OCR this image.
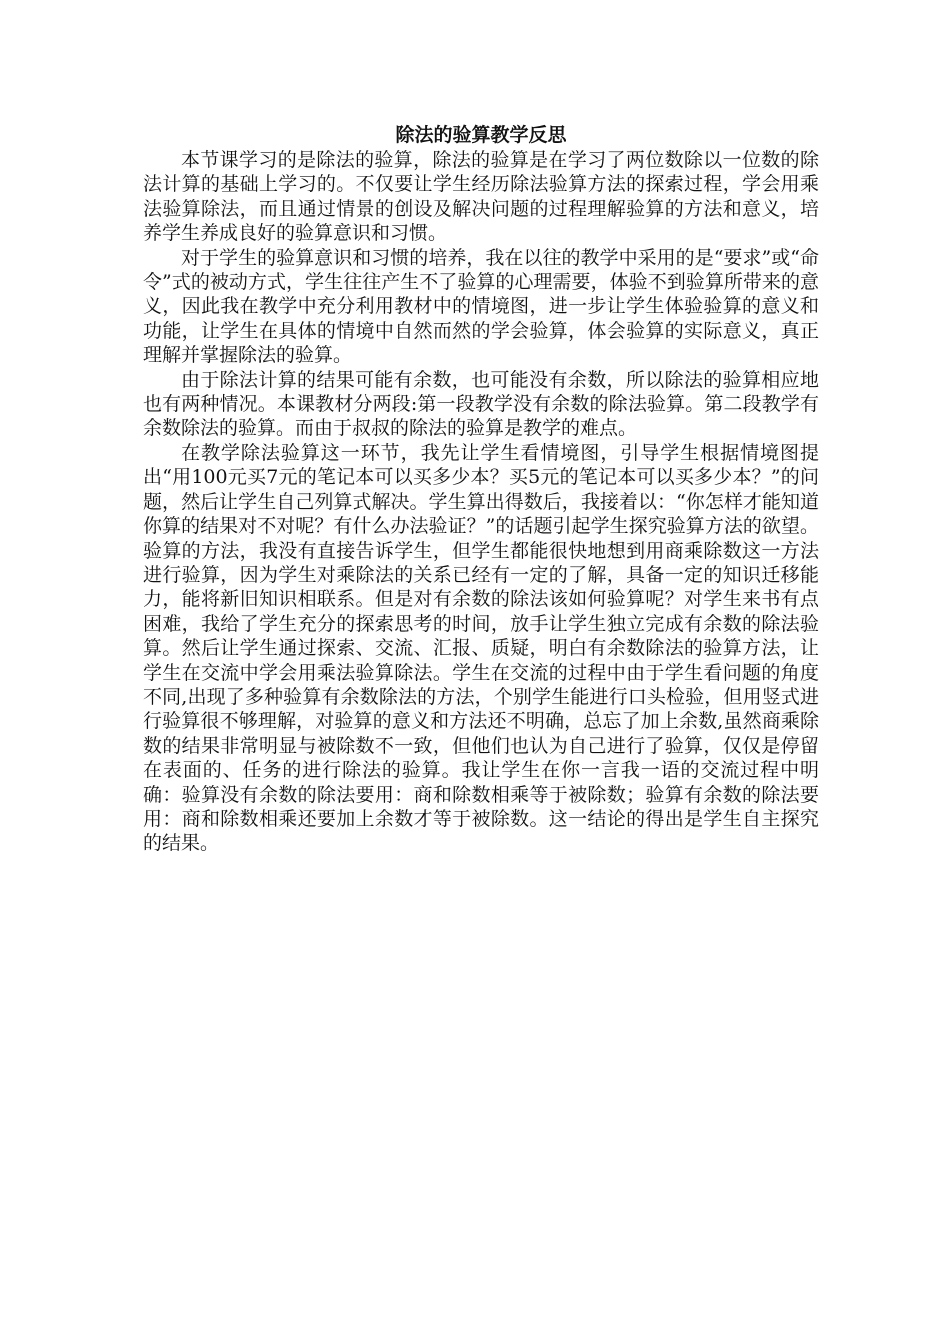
除法的验算教学反思

本节课学习的是除法的验算，除法的验算是在学习了两位数除以一位数的除法计算的基础上学习的。不仅要让学生经历除法验算方法的探索过程，学会用乘法验算除法，而且通过情景的创设及解决问题的过程理解验算的方法和意义，培养学生养成良好的验算意识和习惯。

对于学生的验算意识和习惯的培养，我在以往的教学中采用的是“要求”或“命令”式的被动方式，学生往往产生不了验算的心理需要，体验不到验算所带来的意义，因此我在教学中充分利用教材中的情境图，进一步让学生体验验算的意义和功能，让学生在具体的情境中自然而然的学会验算，体会验算的实际意义，真正理解并掌握除法的验算。

由于除法计算的结果可能有余数，也可能没有余数，所以除法的验算相应地也有两种情况。本课教材分两段:第一段教学没有余数的除法验算。第二段教学有余数除法的验算。而由于叔叔的除法的验算是教学的难点。

在教学除法验算这一环节，我先让学生看情境图，引导学生根据情境图提出“用100元买7元的笔记本可以买多少本？买5元的笔记本可以买多少本？”的问题，然后让学生自己列算式解决。学生算出得数后，我接着以：“你怎样才能知道你算的结果对不对呢？有什么办法验证？”的话题引起学生探究验算方法的欲望。验算的方法，我没有直接告诉学生，但学生都能很快地想到用商乘除数这一方法进行验算，因为学生对乘除法的关系已经有一定的了解，具备一定的知识迁移能力，能将新旧知识相联系。但是对有余数的除法该如何验算呢？对学生来书有点困难，我给了学生充分的探索思考的时间，放手让学生独立完成有余数的除法验算。然后让学生通过探索、交流、汇报、质疑，明白有余数除法的验算方法，让学生在交流中学会用乘法验算除法。学生在交流的过程中由于学生看问题的角度不同,出现了多种验算有余数除法的方法，个别学生能进行口头检验，但用竖式进行验算很不够理解，对验算的意义和方法还不明确，总忘了加上余数,虽然商乘除数的结果非常明显与被除数不一致，但他们也认为自己进行了验算，仅仅是停留在表面的、任务的进行除法的验算。我让学生在你一言我一语的交流过程中明确：验算没有余数的除法要用：商和除数相乘等于被除数；验算有余数的除法要用：商和除数相乘还要加上余数才等于被除数。这一结论的得出是学生自主探究的结果。
